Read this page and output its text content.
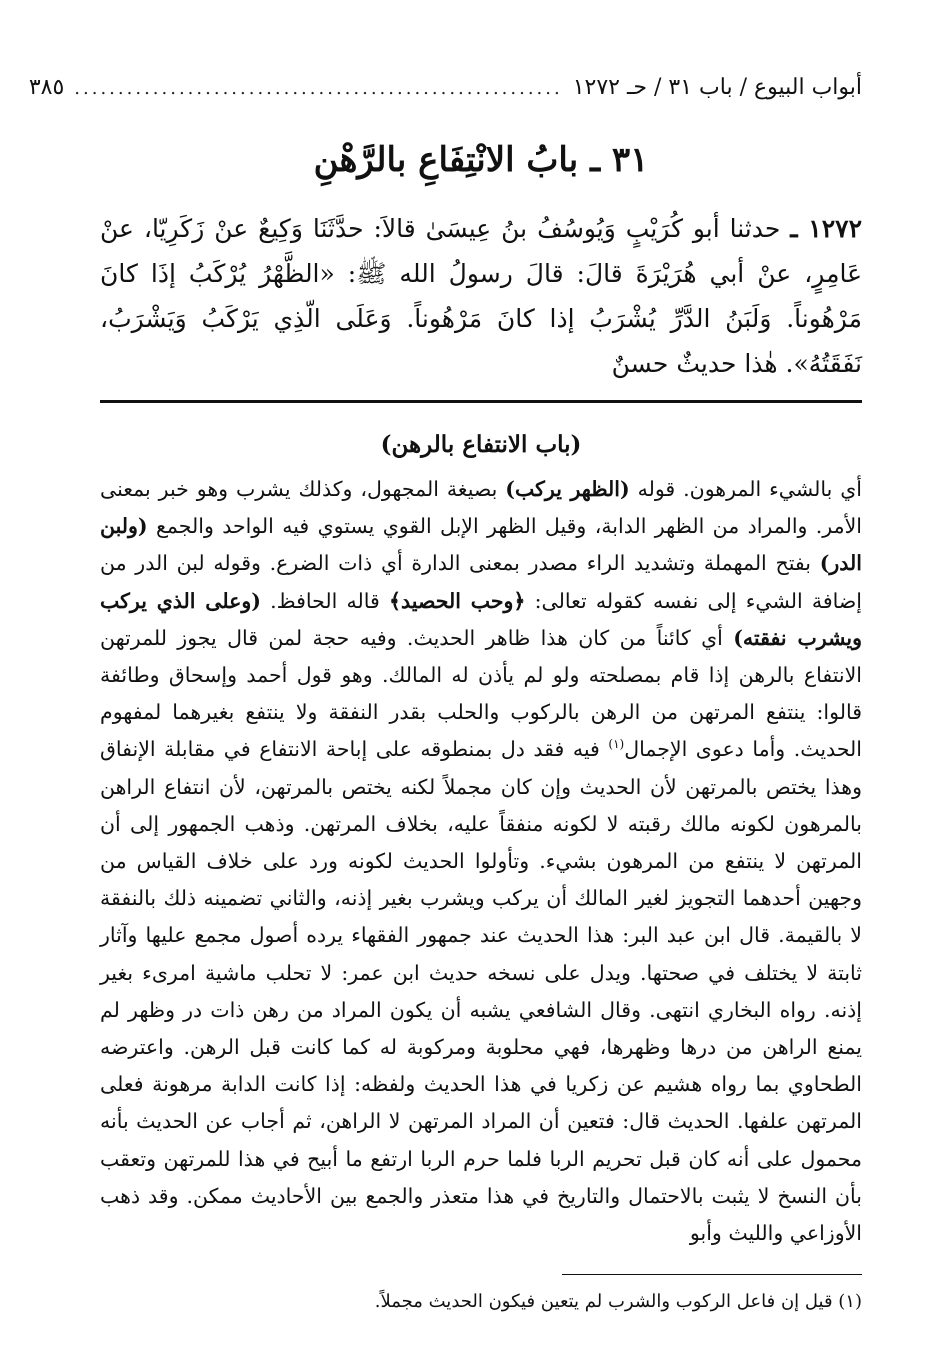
أبواب البيوع / باب ٣١ / حـ ١٢٧٢
........................................................
٣٨٥
٣١ ـ بابُ الانْتِفَاعِ بالرَّهْنِ
١٢٧٢ ـ حدثنا أبو كُرَيْبٍ وَيُوسُفُ بنُ عِيسَىٰ قالاَ: حدَّثَنَا وَكِيعٌ عنْ زَكَرِيّا، عنْ عَامِرٍ، عنْ أبي هُرَيْرَةَ قالَ: قالَ رسولُ الله ﷺ: «الظَّهْرُ يُرْكَبُ إذَا كانَ مَرْهُوناً. وَلَبَنُ الدَّرِّ يُشْرَبُ إذا كانَ مَرْهُوناً. وَعَلَى الّذِي يَرْكَبُ وَيَشْرَبُ، نَفَقَتُهُ». هٰذا حديثٌ حسنٌ
(باب الانتفاع بالرهن)
أي بالشيء المرهون. قوله (الظهر يركب) بصيغة المجهول، وكذلك يشرب وهو خبر بمعنى الأمر. والمراد من الظهر الدابة، وقيل الظهر الإبل القوي يستوي فيه الواحد والجمع (ولبن الدر) بفتح المهملة وتشديد الراء مصدر بمعنى الدارة أي ذات الضرع. وقوله لبن الدر من إضافة الشيء إلى نفسه كقوله تعالى: ﴿وحب الحصيد﴾ قاله الحافظ. (وعلى الذي يركب ويشرب نفقته) أي كائناً من كان هذا ظاهر الحديث. وفيه حجة لمن قال يجوز للمرتهن الانتفاع بالرهن إذا قام بمصلحته ولو لم يأذن له المالك. وهو قول أحمد وإسحاق وطائفة قالوا: ينتفع المرتهن من الرهن بالركوب والحلب بقدر النفقة ولا ينتفع بغيرهما لمفهوم الحديث. وأما دعوى الإجمال$^{(١)}$ فيه فقد دل بمنطوقه على إباحة الانتفاع في مقابلة الإنفاق وهذا يختص بالمرتهن لأن الحديث وإن كان مجملاً لكنه يختص بالمرتهن، لأن انتفاع الراهن بالمرهون لكونه مالك رقبته لا لكونه منفقاً عليه، بخلاف المرتهن. وذهب الجمهور إلى أن المرتهن لا ينتفع من المرهون بشيء. وتأولوا الحديث لكونه ورد على خلاف القياس من وجهين أحدهما التجويز لغير المالك أن يركب ويشرب بغير إذنه، والثاني تضمينه ذلك بالنفقة لا بالقيمة. قال ابن عبد البر: هذا الحديث عند جمهور الفقهاء يرده أصول مجمع عليها وآثار ثابتة لا يختلف في صحتها. ويدل على نسخه حديث ابن عمر: لا تحلب ماشية امرىء بغير إذنه. رواه البخاري انتهى. وقال الشافعي يشبه أن يكون المراد من رهن ذات در وظهر لم يمنع الراهن من درها وظهرها، فهي محلوبة ومركوبة له كما كانت قبل الرهن. واعترضه الطحاوي بما رواه هشيم عن زكريا في هذا الحديث ولفظه: إذا كانت الدابة مرهونة فعلى المرتهن علفها. الحديث قال: فتعين أن المراد المرتهن لا الراهن، ثم أجاب عن الحديث بأنه محمول على أنه كان قبل تحريم الربا فلما حرم الربا ارتفع ما أبيح في هذا للمرتهن وتعقب بأن النسخ لا يثبت بالاحتمال والتاريخ في هذا متعذر والجمع بين الأحاديث ممكن. وقد ذهب الأوزاعي والليث وأبو
(١) قيل إن فاعل الركوب والشرب لم يتعين فيكون الحديث مجملاً.
